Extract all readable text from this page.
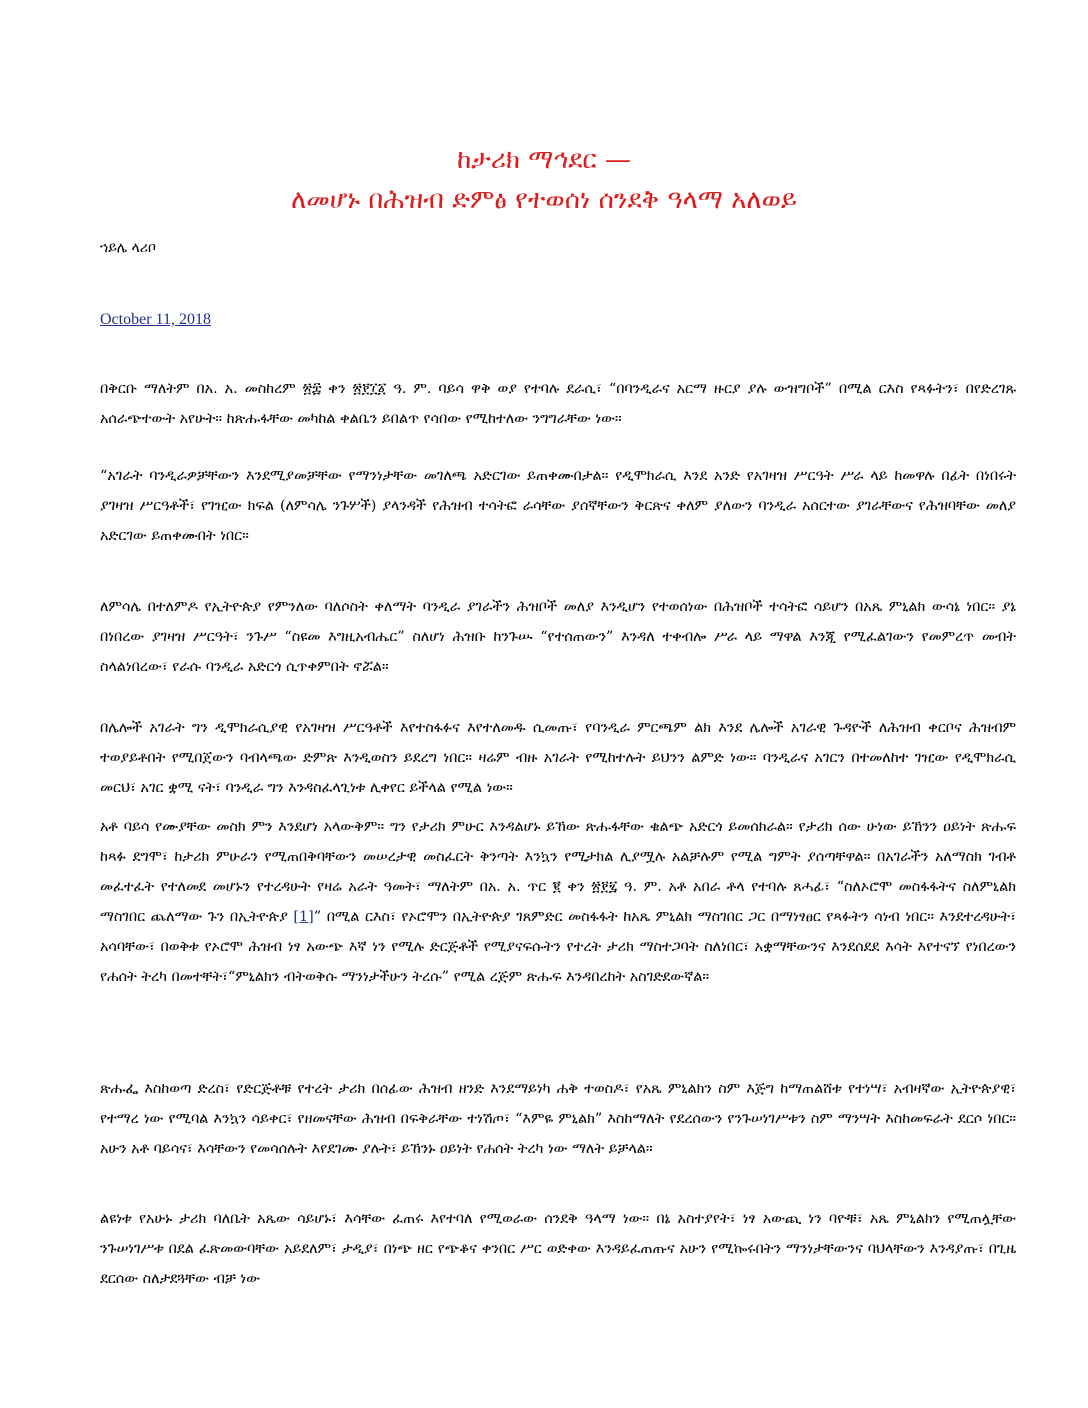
ከታሪክ ማኅደር —
ለመሆኑ በሕዝብ ድምፅ የተወሰነ ሰንደቅ ዓላማ አለወይ

ኀይሌ ላሪቦ

October 11, 2018

በቅርቡ ማለትም በአ. አ. መስከረም ፳፰ ቀን ፳፻፲፩ ዓ. ም. ባይሳ ዋቅ ወያ የተባሉ ደራሲ፣ “በባንዲራና አርማ ዙርያ ያሉ ውዝግቦች” በሚል ርእስ የጻፉትን፣ በየድረገጹ አሰራጭተውት አየሁት። ከጽሑፋቸው መካከል ቀልቤን ይበልጥ የሳበው የሚከተለው ንግግራቸው ነው።

“አገራት ባንዲራዎቻቸውን እንደሚያመቻቸው የማንነታቸው መገለጫ አድርገው ይጠቀሙበታል። የዲሞክራሲ እንደ አንድ የአገዛዝ ሥርዓት ሥራ ላይ ከመዋሉ በፊት በነበሩት ያገዛዝ ሥርዓቶች፣ የገዢው ክፍል (ለምሳሌ ንጉሦች) ያላንዳች የሕዝብ ተሳትፎ ራሳቸው ያሰኛቸውን ቅርጽና ቀለም ያለውን ባንዲራ አሰርተው ያገራቸውና የሕዝባቸው መለያ አድርገው ይጠቀሙበት ነበር።

ለምሳሌ በተለምዶ የኢትዮጵያ የምንለው ባለሶስት ቀለማት ባንዲራ ያገራችን ሕዝቦች መለያ እንዲሆን የተወሰነው በሕዝቦች ተሳትፎ ሳይሆን በአጼ ምኒልክ ውሳኔ ነበር። ያኔ በነበረው ያገዛዝ ሥርዓት፣ ንጉሥ “ስዩመ እግዚአብሔር” ስለሆነ ሕዝቡ ከንጉሡ “የተሰጠውን” እንዳለ ተቀብሎ ሥራ ላይ ማዋል እንጂ የሚፈልገውን የመምረጥ መብት ስላልነበረው፣ የራሱ ባንዲራ አድርጎ ሲጥቀምበት ኖሯል።

በሌሎች አገራት ግን ዲሞክራሲያዊ የአገዛዝ ሥርዓቶች እየተስፋፉና እየተለመዱ ሲመጡ፣ የባንዲራ ምርጫም ልክ እንደ ሌሎች አገራዊ ጉዳዮች ለሕዝብ ቀርቦና ሕዝብም ተወያይቶበት የሚበጀውን ባብላጫው ድምጽ እንዲወስን ይደረግ ነበር። ዛሬም ብዙ አገራት የሚከተሉት ይህንን ልምድ ነው። ባንዲራና አገርን በተመለከተ ገዢው የዲሞክራሲ መርህ፣ አገር ቋሚ ናት፣ ባንዲራ ግን እንዳስፈላጊነቱ ሊቀየር ይችላል የሚል ነው።

አቶ ባይሳ የሙያቸው መስክ ምን እንደሆነ አላውቅም። ግን የታሪክ ምሁር እንዳልሆኑ ይኸው ጽሑፋቸው ቁልጭ አድርጎ ይመሰክራል። የታሪክ ሰው ሁነው ይኸንን ዐይነት ጽሑፍ ከጻፉ ደግሞ፣ ከታሪክ ምሁራን የሚጠበቅባቸውን መሠረታዊ መስፈርት ቅንጣት እንኳን የሚታክል ሊያሟሉ አልቻሉም የሚል ግምት ያሰጣቸዋል። በአገራችን አለማስክ ገብቶ መፈተፈት የተለመደ መሆኑን የተረዳሁት የዛሬ አራት ዓመት፣ ማለትም በአ. አ. ጥር ፪ ቀን ፳፻፯ ዓ. ም. አቶ አበራ ቶላ የተባሉ ጸሓፊ፣ “ስለኦሮሞ መስፋፋትና ስለምኒልክ ማስገበር ጨለማው ጉን በኢትዮጵያ [1]” በሚል ርእስ፣ የኦሮሞን በኢትዮጵያ ገጸምድር መስፋፋት ከአጼ ምኒልክ ማስገበር ጋር በማነፃፀር የጻፉትን ሳነብ ነበር። እንደተረዳሁት፣ አሳባቸው፣ በወቅቱ የኦሮሞ ሕዝብ ነፃ አውጭ እኛ ነን የሚሉ ድርጅቶች የሚያናፍሱትን የተረት ታሪክ ማስተጋባት ስለነበር፣ አቋማቸውንና እንደሰደደ እሳት እየተናኘ የነበረውን የሐሰት ትረካ በመተቸት፣“ምኒልክን ብትወቅሱ ማንነታችሁን ትረሱ” የሚል ረጅም ጽሑፍ እንዳበረከት አስገድደውኛል።

ጽሑፌ እስከወጣ ድረስ፣ የድርጅቶቹ የተረት ታሪክ በሰፊው ሕዝብ ዘንድ እንደማይነካ ሐቅ ተወስዶ፣ የአጼ ምኒልክን ስም እጅግ ከማጠልሸቱ የተነሣ፣ አብዛኛው ኢትዮጵያዊ፣ የተማረ ነው የሚባል እንኳን ሳይቀር፣ የዘመናቸው ሕዝብ በፍቅራቸው ተነሽጦ፣ “እምዬ ምኒልክ” እስከማለት የደረሰውን የንጉሠነገሥቱን ስም ማንሣት እስከመፍራት ደርሶ ነበር። አሁን አቶ ባይሳና፣ እሳቸውን የመሳሰሉት እየደገሙ ያሉት፣ ይኸንኑ ዐይነት የሐሰት ትረካ ነው ማለት ይቻላል።

ልዩነቱ የአሁኑ ታሪክ ባለቤት አጼው ሳይሆኑ፣ እሳቸው ፈጠሩ እየተባለ የሚወራው ሰንደቅ ዓላማ ነው። በኔ አስተያየት፣ ነፃ አውጪ ነን ባዮቹ፣ አጼ ምኒልክን የሚጠሏቸው ንጉሠነገሥቱ በደል ፈጽመውባቸው አይደለም፣ ታዲያ፣ በነጭ ዘር የጭቆና ቀንበር ሥር ወድቀው እንዳይፈጠጡና አሁን የሚኰሩበትን ማንነታቸውንና ባህላቸውን እንዳያጡ፣ በጊዜ ደርሰው ስለታደጓቸው ብቻ ነው
